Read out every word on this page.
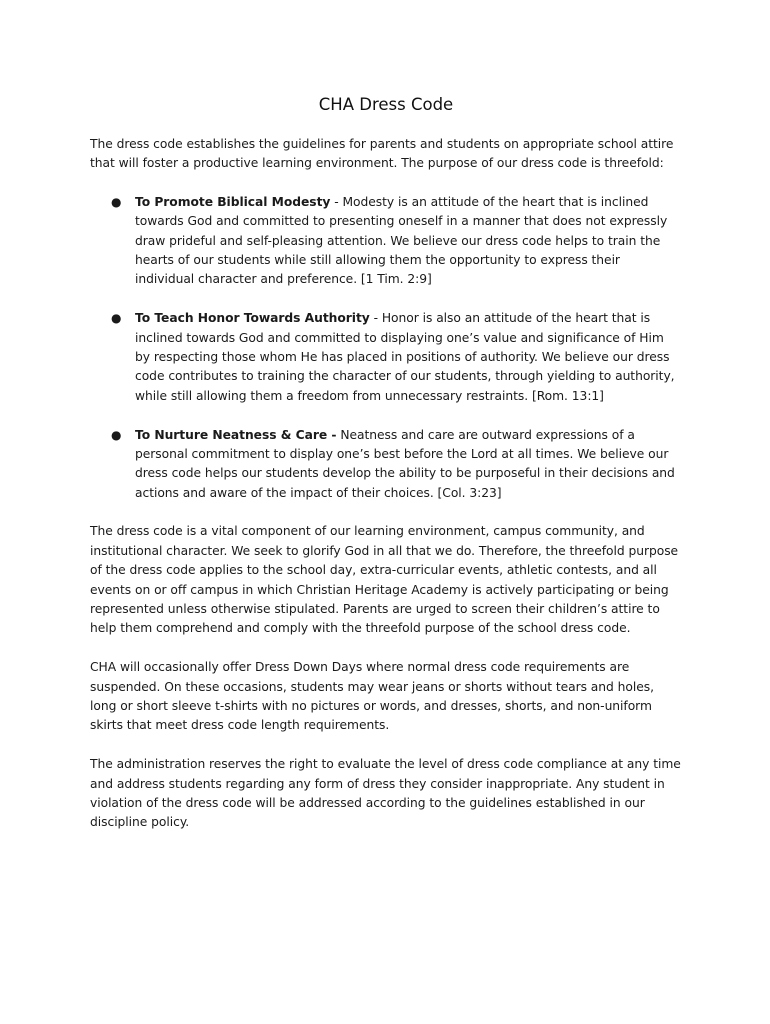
CHA Dress Code

The dress code establishes the guidelines for parents and students on appropriate school attire that will foster a productive learning environment. The purpose of our dress code is threefold:

● To Promote Biblical Modesty - Modesty is an attitude of the heart that is inclined towards God and committed to presenting oneself in a manner that does not expressly draw prideful and self-pleasing attention. We believe our dress code helps to train the hearts of our students while still allowing them the opportunity to express their individual character and preference. [1 Tim. 2:9]
● To Teach Honor Towards Authority - Honor is also an attitude of the heart that is inclined towards God and committed to displaying one’s value and significance of Him by respecting those whom He has placed in positions of authority. We believe our dress code contributes to training the character of our students, through yielding to authority, while still allowing them a freedom from unnecessary restraints. [Rom. 13:1]
● To Nurture Neatness & Care - Neatness and care are outward expressions of a personal commitment to display one’s best before the Lord at all times. We believe our dress code helps our students develop the ability to be purposeful in their decisions and actions and aware of the impact of their choices. [Col. 3:23]

The dress code is a vital component of our learning environment, campus community, and institutional character. We seek to glorify God in all that we do. Therefore, the threefold purpose of the dress code applies to the school day, extra-curricular events, athletic contests, and all events on or off campus in which Christian Heritage Academy is actively participating or being represented unless otherwise stipulated. Parents are urged to screen their children’s attire to help them comprehend and comply with the threefold purpose of the school dress code.

CHA will occasionally offer Dress Down Days where normal dress code requirements are suspended. On these occasions, students may wear jeans or shorts without tears and holes, long or short sleeve t-shirts with no pictures or words, and dresses, shorts, and non-uniform skirts that meet dress code length requirements.

The administration reserves the right to evaluate the level of dress code compliance at any time and address students regarding any form of dress they consider inappropriate. Any student in violation of the dress code will be addressed according to the guidelines established in our discipline policy.
